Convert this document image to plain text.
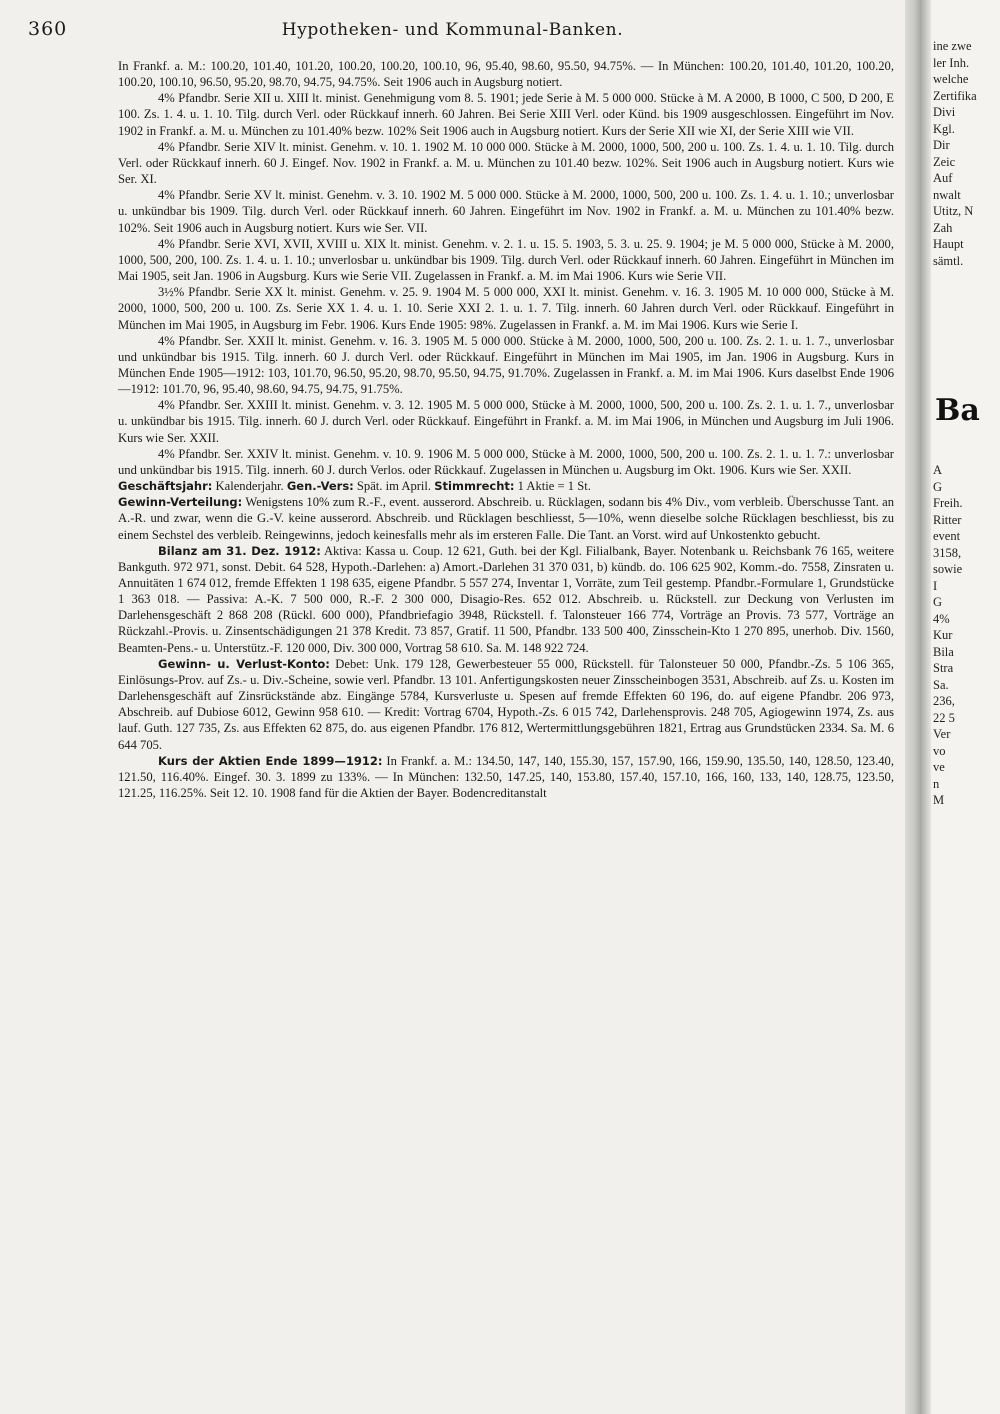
360	Hypotheken- und Kommunal-Banken.

In Frankf. a. M.: 100.20, 101.40, 101.20, 100.20, 100.20, 100.10, 96, 95.40, 98.60, 95.50, 94.75%. — In München: 100.20, 101.40, 101.20, 100.20, 100.20, 100.10, 96.50, 95.20, 98.70, 94.75, 94.75%. Seit 1906 auch in Augsburg notiert.

4% Pfandbr. Serie XII u. XIII lt. minist. Genehmigung vom 8. 5. 1901; jede Serie à M. 5 000 000. Stücke à M. A 2000, B 1000, C 500, D 200, E 100. Zs. 1. 4. u. 1. 10. Tilg. durch Verl. oder Rückkauf innerh. 60 Jahren. Bei Serie XIII Verl. oder Künd. bis 1909 ausgeschlossen. Eingeführt im Nov. 1902 in Frankf. a. M. u. München zu 101.40% bezw. 102% Seit 1906 auch in Augsburg notiert. Kurs der Serie XII wie XI, der Serie XIII wie VII.

4% Pfandbr. Serie XIV lt. minist. Genehm. v. 10. 1. 1902 M. 10 000 000. Stücke à M. 2000, 1000, 500, 200 u. 100. Zs. 1. 4. u. 1. 10. Tilg. durch Verl. oder Rückkauf innerh. 60 J. Eingef. Nov. 1902 in Frankf. a. M. u. München zu 101.40 bezw. 102%. Seit 1906 auch in Augsburg notiert. Kurs wie Ser. XI.

4% Pfandbr. Serie XV lt. minist. Genehm. v. 3. 10. 1902 M. 5 000 000. Stücke à M. 2000, 1000, 500, 200 u. 100. Zs. 1. 4. u. 1. 10.; unverlosbar u. unkündbar bis 1909. Tilg. durch Verl. oder Rückkauf innerh. 60 Jahren. Eingeführt im Nov. 1902 in Frankf. a. M. u. München zu 101.40% bezw. 102%. Seit 1906 auch in Augsburg notiert. Kurs wie Ser. VII.

4% Pfandbr. Serie XVI, XVII, XVIII u. XIX lt. minist. Genehm. v. 2. 1. u. 15. 5. 1903, 5. 3. u. 25. 9. 1904; je M. 5 000 000, Stücke à M. 2000, 1000, 500, 200, 100. Zs. 1. 4. u. 1. 10.; unverlosbar u. unkündbar bis 1909. Tilg. durch Verl. oder Rückkauf innerh. 60 Jahren. Eingeführt in München im Mai 1905, seit Jan. 1906 in Augsburg. Kurs wie Serie VII. Zugelassen in Frankf. a. M. im Mai 1906. Kurs wie Serie VII.

3½% Pfandbr. Serie XX lt. minist. Genehm. v. 25. 9. 1904 M. 5 000 000, XXI lt. minist. Genehm. v. 16. 3. 1905 M. 10 000 000, Stücke à M. 2000, 1000, 500, 200 u. 100. Zs. Serie XX 1. 4. u. 1. 10. Serie XXI 2. 1. u. 1. 7. Tilg. innerh. 60 Jahren durch Verl. oder Rückkauf. Eingeführt in München im Mai 1905, in Augsburg im Febr. 1906. Kurs Ende 1905: 98%. Zugelassen in Frankf. a. M. im Mai 1906. Kurs wie Serie I.

4% Pfandbr. Ser. XXII lt. minist. Genehm. v. 16. 3. 1905 M. 5 000 000. Stücke à M. 2000, 1000, 500, 200 u. 100. Zs. 2. 1. u. 1. 7., unverlosbar und unkündbar bis 1915. Tilg. innerh. 60 J. durch Verl. oder Rückkauf. Eingeführt in München im Mai 1905, im Jan. 1906 in Augsburg. Kurs in München Ende 1905—1912: 103, 101.70, 96.50, 95.20, 98.70, 95.50, 94.75, 91.70%. Zugelassen in Frankf. a. M. im Mai 1906. Kurs daselbst Ende 1906—1912: 101.70, 96, 95.40, 98.60, 94.75, 94.75, 91.75%.

4% Pfandbr. Ser. XXIII lt. minist. Genehm. v. 3. 12. 1905 M. 5 000 000, Stücke à M. 2000, 1000, 500, 200 u. 100. Zs. 2. 1. u. 1. 7., unverlosbar u. unkündbar bis 1915. Tilg. innerh. 60 J. durch Verl. oder Rückkauf. Eingeführt in Frankf. a. M. im Mai 1906, in München und Augsburg im Juli 1906. Kurs wie Ser. XXII.

4% Pfandbr. Ser. XXIV lt. minist. Genehm. v. 10. 9. 1906 M. 5 000 000, Stücke à M. 2000, 1000, 500, 200 u. 100. Zs. 2. 1. u. 1. 7.: unverlosbar und unkündbar bis 1915. Tilg. innerh. 60 J. durch Verlos. oder Rückkauf. Zugelassen in München u. Augsburg im Okt. 1906. Kurs wie Ser. XXII.

Geschäftsjahr: Kalenderjahr. Gen.-Vers: Spät. im April. Stimmrecht: 1 Aktie = 1 St.

Gewinn-Verteilung: Wenigstens 10% zum R.-F., event. ausserord. Abschreib. u. Rücklagen, sodann bis 4% Div., vom verbleib. Überschusse Tant. an A.-R. und zwar, wenn die G.-V. keine ausserord. Abschreib. und Rücklagen beschliesst, 5—10%, wenn dieselbe solche Rücklagen beschliesst, bis zu einem Sechstel des verbleib. Reingewinns, jedoch keinesfalls mehr als im ersteren Falle. Die Tant. an Vorst. wird auf Unkostenkto gebucht.

Bilanz am 31. Dez. 1912: Aktiva: Kassa u. Coup. 12 621, Guth. bei der Kgl. Filialbank, Bayer. Notenbank u. Reichsbank 76 165, weitere Bankguth. 972 971, sonst. Debit. 64 528, Hypoth.-Darlehen: a) Amort.-Darlehen 31 370 031, b) kündb. do. 106 625 902, Komm.-do. 7558, Zinsraten u. Annuitäten 1 674 012, fremde Effekten 1 198 635, eigene Pfandbr. 5 557 274, Inventar 1, Vorräte, zum Teil gestemp. Pfandbr.-Formulare 1, Grundstücke 1 363 018. — Passiva: A.-K. 7 500 000, R.-F. 2 300 000, Disagio-Res. 652 012. Abschreib. u. Rückstell. zur Deckung von Verlusten im Darlehensgeschäft 2 868 208 (Rückl. 600 000), Pfandbriefagio 3948, Rückstell. f. Talonsteuer 166 774, Vorträge an Provis. 73 577, Vorträge an Rückzahl.-Provis. u. Zinsentschädigungen 21 378 Kredit. 73 857, Gratif. 11 500, Pfandbr. 133 500 400, Zinsschein-Kto 1 270 895, unerhob. Div. 1560, Beamten-Pens.- u. Unterstütz.-F. 120 000, Div. 300 000, Vortrag 58 610. Sa. M. 148 922 724.

Gewinn- u. Verlust-Konto: Debet: Unk. 179 128, Gewerbesteuer 55 000, Rückstell. für Talonsteuer 50 000, Pfandbr.-Zs. 5 106 365, Einlösungs-Prov. auf Zs.- u. Div.-Scheine, sowie verl. Pfandbr. 13 101. Anfertigungskosten neuer Zinsscheinbogen 3531, Abschreib. auf Zs. u. Kosten im Darlehensgeschäft auf Zinsrückstände abz. Eingänge 5784, Kursverluste u. Spesen auf fremde Effekten 60 196, do. auf eigene Pfandbr. 206 973, Abschreib. auf Dubiose 6012, Gewinn 958 610. — Kredit: Vortrag 6704, Hypoth.-Zs. 6 015 742, Darlehensprovis. 248 705, Agiogewinn 1974, Zs. aus lauf. Guth. 127 735, Zs. aus Effekten 62 875, do. aus eigenen Pfandbr. 176 812, Wertermittlungsgebühren 1821, Ertrag aus Grundstücken 2334. Sa. M. 6 644 705.

Kurs der Aktien Ende 1899—1912: In Frankf. a. M.: 134.50, 147, 140, 155.30, 157, 157.90, 166, 159.90, 135.50, 140, 128.50, 123.40, 121.50, 116.40%. Eingef. 30. 3. 1899 zu 133%. — In München: 132.50, 147.25, 140, 153.80, 157.40, 157.10, 166, 160, 133, 140, 128.75, 123.50, 121.25, 116.25%. Seit 12. 10. 1908 fand für die Aktien der Bayer. Bodencreditanstalt

ine zwe
ler Inh.
welche
Zertifika
Divi
Kgl.
Dir
Zeic
Auf
nwalt
Utitz, N
Zah
Haupt
sämtl.
Ba
A
G
Freih.
Ritter
event
3158,
sowie
I
G
4%
Kur
Bila
Stra
Sa.
236,
22 5
Ver
vo
ve
n
M
